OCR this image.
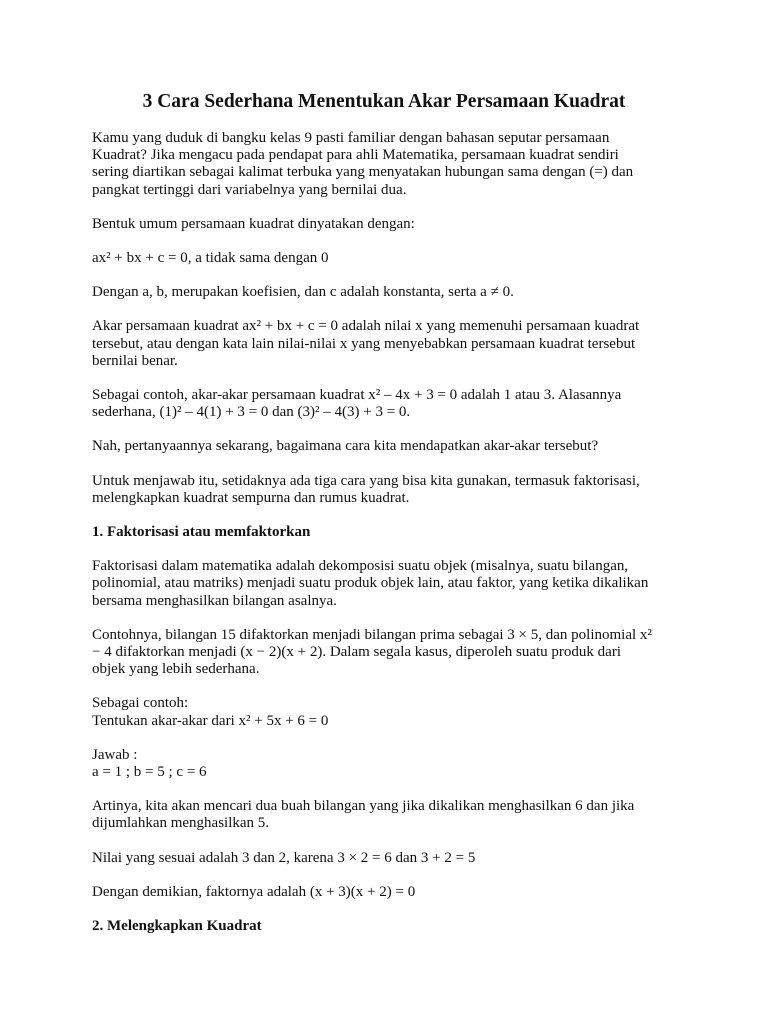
3 Cara Sederhana Menentukan Akar Persamaan Kuadrat

Kamu yang duduk di bangku kelas 9 pasti familiar dengan bahasan seputar persamaan
Kuadrat? Jika mengacu pada pendapat para ahli Matematika, persamaan kuadrat sendiri
sering diartikan sebagai kalimat terbuka yang menyatakan hubungan sama dengan (=) dan
pangkat tertinggi dari variabelnya yang bernilai dua.

Bentuk umum persamaan kuadrat dinyatakan dengan:

ax² + bx + c = 0, a tidak sama dengan 0

Dengan a, b, merupakan koefisien, dan c adalah konstanta, serta a ≠ 0.

Akar persamaan kuadrat ax² + bx + c = 0 adalah nilai x yang memenuhi persamaan kuadrat
tersebut, atau dengan kata lain nilai-nilai x yang menyebabkan persamaan kuadrat tersebut
bernilai benar.

Sebagai contoh, akar-akar persamaan kuadrat x² – 4x + 3 = 0 adalah 1 atau 3. Alasannya
sederhana, (1)² – 4(1) + 3 = 0 dan (3)² – 4(3) + 3 = 0.

Nah, pertanyaannya sekarang, bagaimana cara kita mendapatkan akar-akar tersebut?

Untuk menjawab itu, setidaknya ada tiga cara yang bisa kita gunakan, termasuk faktorisasi,
melengkapkan kuadrat sempurna dan rumus kuadrat.

1. Faktorisasi atau memfaktorkan

Faktorisasi dalam matematika adalah dekomposisi suatu objek (misalnya, suatu bilangan,
polinomial, atau matriks) menjadi suatu produk objek lain, atau faktor, yang ketika dikalikan
bersama menghasilkan bilangan asalnya.

Contohnya, bilangan 15 difaktorkan menjadi bilangan prima sebagai 3 × 5, dan polinomial x²
− 4 difaktorkan menjadi (x − 2)(x + 2). Dalam segala kasus, diperoleh suatu produk dari
objek yang lebih sederhana.

Sebagai contoh:
Tentukan akar-akar dari x² + 5x + 6 = 0

Jawab :
a = 1 ; b = 5 ; c = 6

Artinya, kita akan mencari dua buah bilangan yang jika dikalikan menghasilkan 6 dan jika
dijumlahkan menghasilkan 5.

Nilai yang sesuai adalah 3 dan 2, karena 3 × 2 = 6 dan 3 + 2 = 5

Dengan demikian, faktornya adalah (x + 3)(x + 2) = 0

2. Melengkapkan Kuadrat
